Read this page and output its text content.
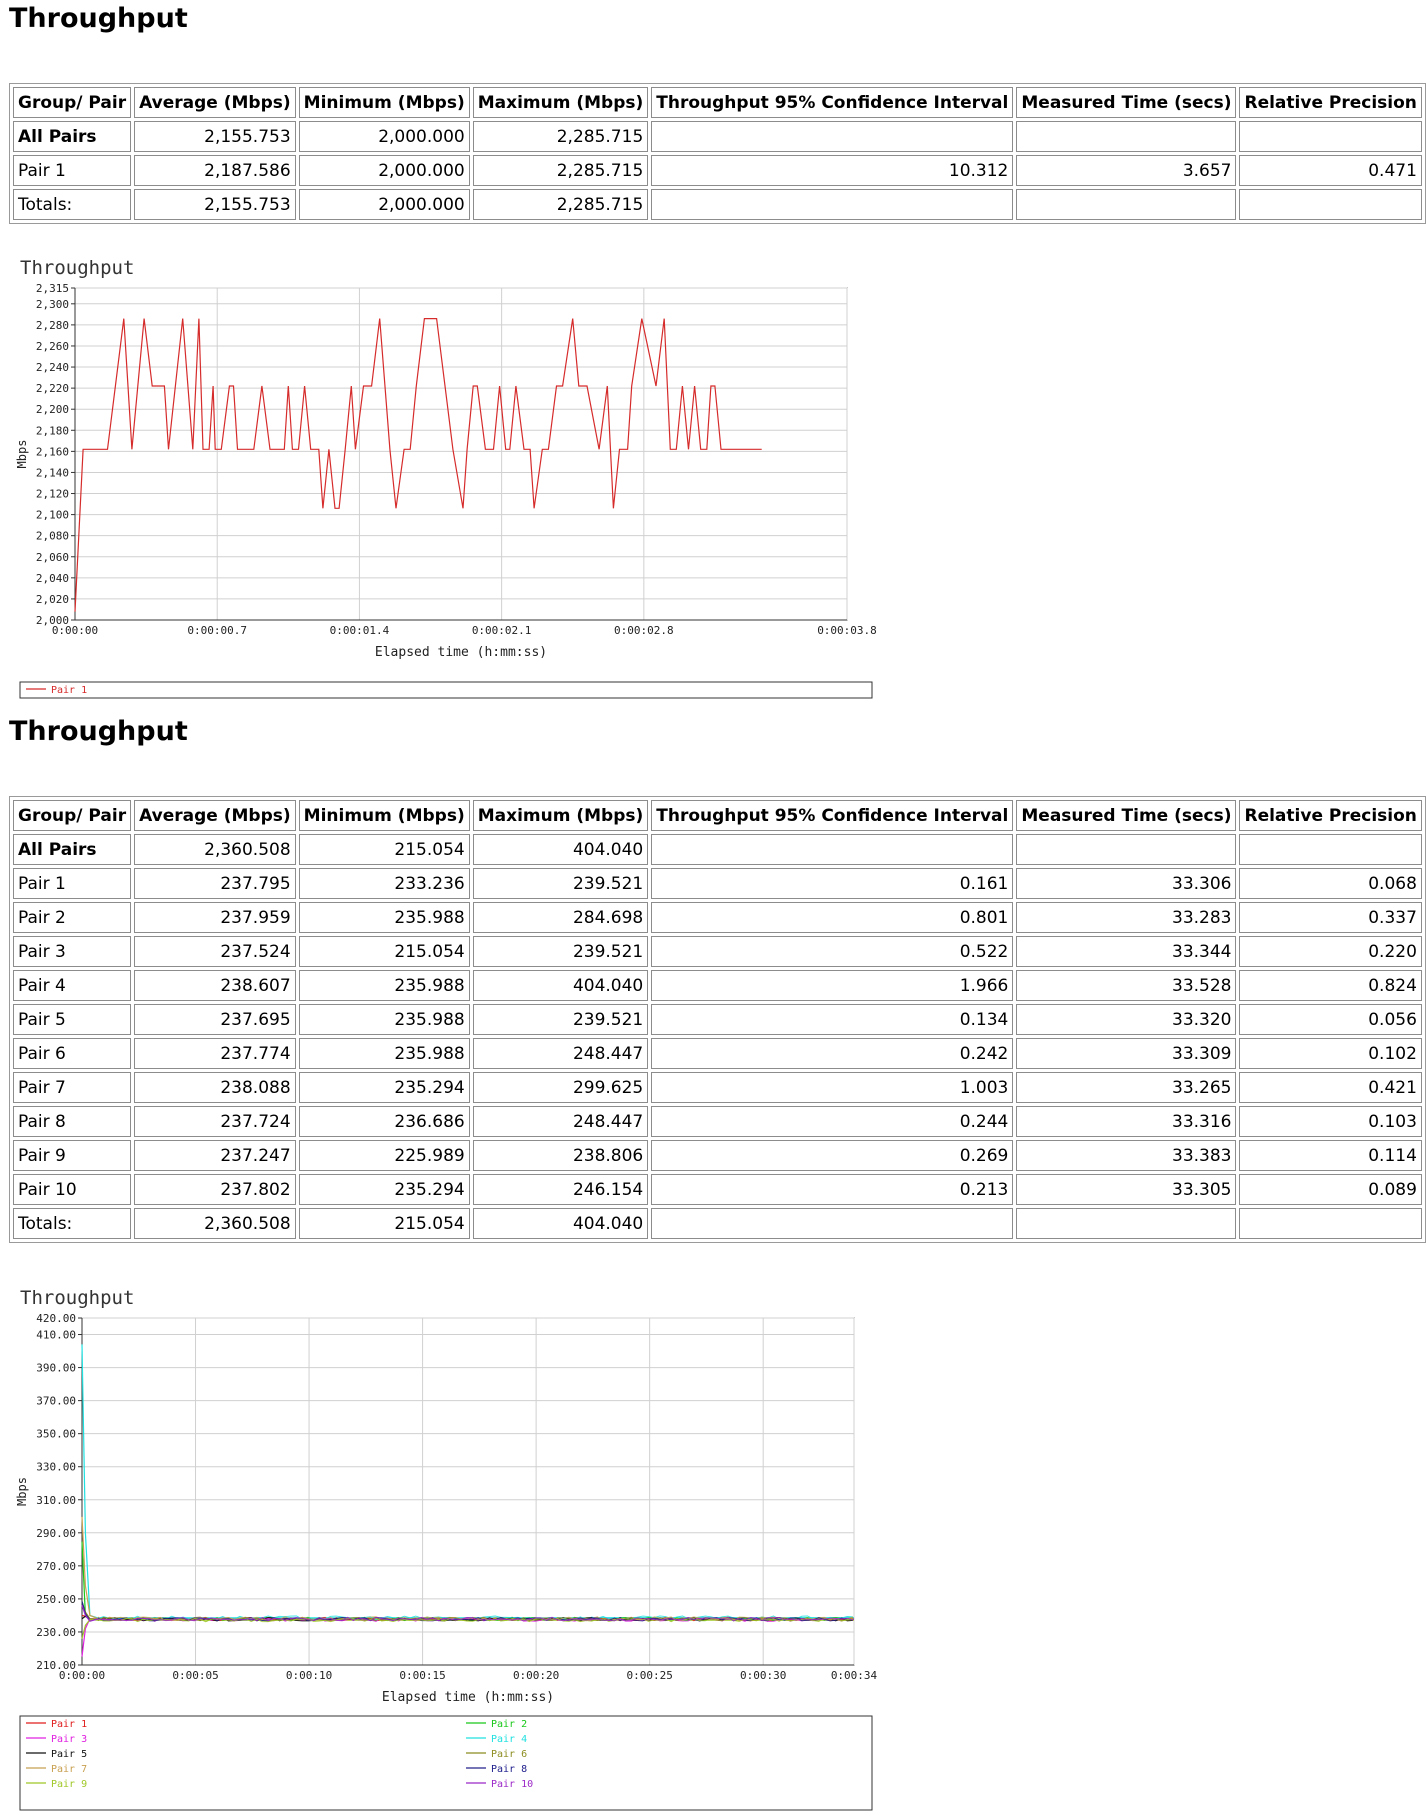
Throughput
Group/ Pair	Average (Mbps)	Minimum (Mbps)	Maximum (Mbps)	Throughput 95% Confidence Interval	Measured Time (secs)	Relative Precision
All Pairs	2,155.753	2,000.000	2,285.715			
Pair 1	2,187.586	2,000.000	2,285.715	10.312	3.657	0.471
Totals:	2,155.753	2,000.000	2,285.715			
Throughput
2,000
2,020
2,040
2,060
2,080
2,100
2,120
2,140
2,160
2,180
2,200
2,220
2,240
2,260
2,280
2,300
2,315
0:00:00	0:00:00.7	0:00:01.4	0:00:02.1	0:00:02.8	0:00:03.8
Elapsed time (h:mm:ss)
Mbps
Pair 1
Throughput
Group/ Pair	Average (Mbps)	Minimum (Mbps)	Maximum (Mbps)	Throughput 95% Confidence Interval	Measured Time (secs)	Relative Precision
All Pairs	2,360.508	215.054	404.040			
Pair 1	237.795	233.236	239.521	0.161	33.306	0.068
Pair 2	237.959	235.988	284.698	0.801	33.283	0.337
Pair 3	237.524	215.054	239.521	0.522	33.344	0.220
Pair 4	238.607	235.988	404.040	1.966	33.528	0.824
Pair 5	237.695	235.988	239.521	0.134	33.320	0.056
Pair 6	237.774	235.988	248.447	0.242	33.309	0.102
Pair 7	238.088	235.294	299.625	1.003	33.265	0.421
Pair 8	237.724	236.686	248.447	0.244	33.316	0.103
Pair 9	237.247	225.989	238.806	0.269	33.383	0.114
Pair 10	237.802	235.294	246.154	0.213	33.305	0.089
Totals:	2,360.508	215.054	404.040			
Throughput
210.00
230.00
250.00
270.00
290.00
310.00
330.00
350.00
370.00
390.00
410.00
420.00
0:00:00	0:00:05	0:00:10	0:00:15	0:00:20	0:00:25	0:00:30	0:00:34
Elapsed time (h:mm:ss)
Mbps
Pair 1	Pair 2
Pair 3	Pair 4
Pair 5	Pair 6
Pair 7	Pair 8
Pair 9	Pair 10
